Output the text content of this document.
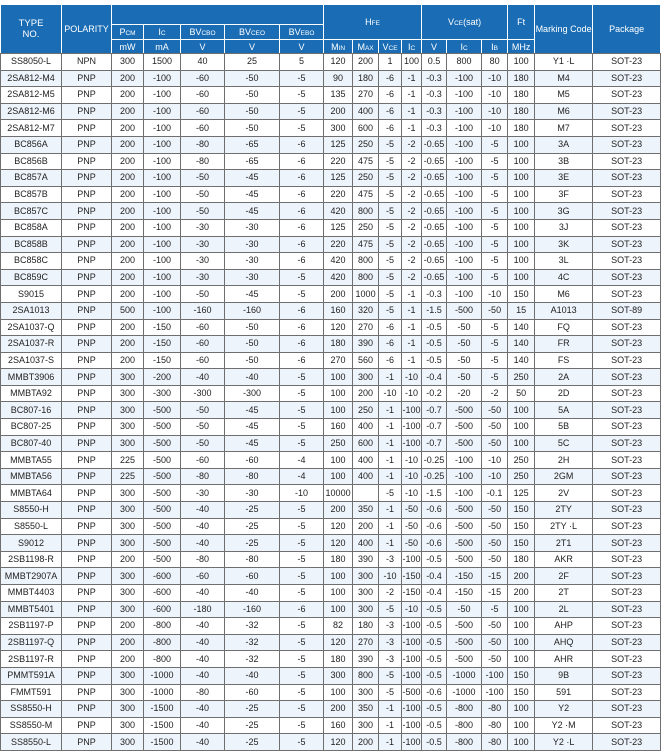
TYPE
NO.	POLARITY						HFE				VCE(sat)			Ft	Marking Code	Package
		PCM	IC	BVCBO	BVCEO	BVEBO										
		mW	mA	V	V	V	MIN	MAX	VCE	IC	V	IC	IB	MHz		

SS8050-L	NPN	300	1500	40	25	5	120	200	1	100	0.5	800	80	100	Y1 ·L	SOT-23
2SA812-M4	PNP	200	-100	-60	-50	-5	90	180	-6	-1	-0.3	-100	-10	180	M4	SOT-23
2SA812-M5	PNP	200	-100	-60	-50	-5	135	270	-6	-1	-0.3	-100	-10	180	M5	SOT-23
2SA812-M6	PNP	200	-100	-60	-50	-5	200	400	-6	-1	-0.3	-100	-10	180	M6	SOT-23
2SA812-M7	PNP	200	-100	-60	-50	-5	300	600	-6	-1	-0.3	-100	-10	180	M7	SOT-23
BC856A	PNP	200	-100	-80	-65	-6	125	250	-5	-2	-0.65	-100	-5	100	3A	SOT-23
BC856B	PNP	200	-100	-80	-65	-6	220	475	-5	-2	-0.65	-100	-5	100	3B	SOT-23
BC857A	PNP	200	-100	-50	-45	-6	125	250	-5	-2	-0.65	-100	-5	100	3E	SOT-23
BC857B	PNP	200	-100	-50	-45	-6	220	475	-5	-2	-0.65	-100	-5	100	3F	SOT-23
BC857C	PNP	200	-100	-50	-45	-6	420	800	-5	-2	-0.65	-100	-5	100	3G	SOT-23
BC858A	PNP	200	-100	-30	-30	-6	125	250	-5	-2	-0.65	-100	-5	100	3J	SOT-23
BC858B	PNP	200	-100	-30	-30	-6	220	475	-5	-2	-0.65	-100	-5	100	3K	SOT-23
BC858C	PNP	200	-100	-30	-30	-6	420	800	-5	-2	-0.65	-100	-5	100	3L	SOT-23
BC859C	PNP	200	-100	-30	-30	-5	420	800	-5	-2	-0.65	-100	-5	100	4C	SOT-23
S9015	PNP	200	-100	-50	-45	-5	200	1000	-5	-1	-0.3	-100	-10	150	M6	SOT-23
2SA1013	PNP	500	-100	-160	-160	-6	160	320	-5	-1	-1.5	-500	-50	15	A1013	SOT-89
2SA1037-Q	PNP	200	-150	-60	-50	-6	120	270	-6	-1	-0.5	-50	-5	140	FQ	SOT-23
2SA1037-R	PNP	200	-150	-60	-50	-6	180	390	-6	-1	-0.5	-50	-5	140	FR	SOT-23
2SA1037-S	PNP	200	-150	-60	-50	-6	270	560	-6	-1	-0.5	-50	-5	140	FS	SOT-23
MMBT3906	PNP	300	-200	-40	-40	-5	100	300	-1	-10	-0.4	-50	-5	250	2A	SOT-23
MMBTA92	PNP	300	-300	-300	-300	-5	100	200	-10	-10	-0.2	-20	-2	50	2D	SOT-23
BC807-16	PNP	300	-500	-50	-45	-5	100	250	-1	-100	-0.7	-500	-50	100	5A	SOT-23
BC807-25	PNP	300	-500	-50	-45	-5	160	400	-1	-100	-0.7	-500	-50	100	5B	SOT-23
BC807-40	PNP	300	-500	-50	-45	-5	250	600	-1	-100	-0.7	-500	-50	100	5C	SOT-23
MMBTA55	PNP	225	-500	-60	-60	-4	100	400	-1	-10	-0.25	-100	-10	250	2H	SOT-23
MMBTA56	PNP	225	-500	-80	-80	-4	100	400	-1	-10	-0.25	-100	-10	250	2GM	SOT-23
MMBTA64	PNP	300	-500	-30	-30	-10	10000		-5	-10	-1.5	-100	-0.1	125	2V	SOT-23
S8550-H	PNP	300	-500	-40	-25	-5	200	350	-1	-50	-0.6	-500	-50	150	2TY	SOT-23
S8550-L	PNP	300	-500	-40	-25	-5	120	200	-1	-50	-0.6	-500	-50	150	2TY ·L	SOT-23
S9012	PNP	300	-500	-40	-25	-5	120	400	-1	-50	-0.6	-500	-50	150	2T1	SOT-23
2SB1198-R	PNP	200	-500	-80	-80	-5	180	390	-3	-100	-0.5	-500	-50	180	AKR	SOT-23
MMBT2907A	PNP	300	-600	-60	-60	-5	100	300	-10	-150	-0.4	-150	-15	200	2F	SOT-23
MMBT4403	PNP	300	-600	-40	-40	-5	100	300	-2	-150	-0.4	-150	-15	200	2T	SOT-23
MMBT5401	PNP	300	-600	-180	-160	-6	100	300	-5	-10	-0.5	-50	-5	100	2L	SOT-23
2SB1197-P	PNP	200	-800	-40	-32	-5	82	180	-3	-100	-0.5	-500	-50	100	AHP	SOT-23
2SB1197-Q	PNP	200	-800	-40	-32	-5	120	270	-3	-100	-0.5	-500	-50	100	AHQ	SOT-23
2SB1197-R	PNP	200	-800	-40	-32	-5	180	390	-3	-100	-0.5	-500	-50	100	AHR	SOT-23
PMMT591A	PNP	300	-1000	-40	-40	-5	300	800	-5	-100	-0.5	-1000	-100	150	9B	SOT-23
FMMT591	PNP	300	-1000	-80	-60	-5	100	300	-5	-500	-0.6	-1000	-100	150	591	SOT-23
SS8550-H	PNP	300	-1500	-40	-25	-5	200	350	-1	-100	-0.5	-800	-80	100	Y2	SOT-23
SS8550-M	PNP	300	-1500	-40	-25	-5	160	300	-1	-100	-0.5	-800	-80	100	Y2 ·M	SOT-23
SS8550-L	PNP	300	-1500	-40	-25	-5	120	200	-1	-100	-0.5	-800	-80	100	Y2 ·L	SOT-23
